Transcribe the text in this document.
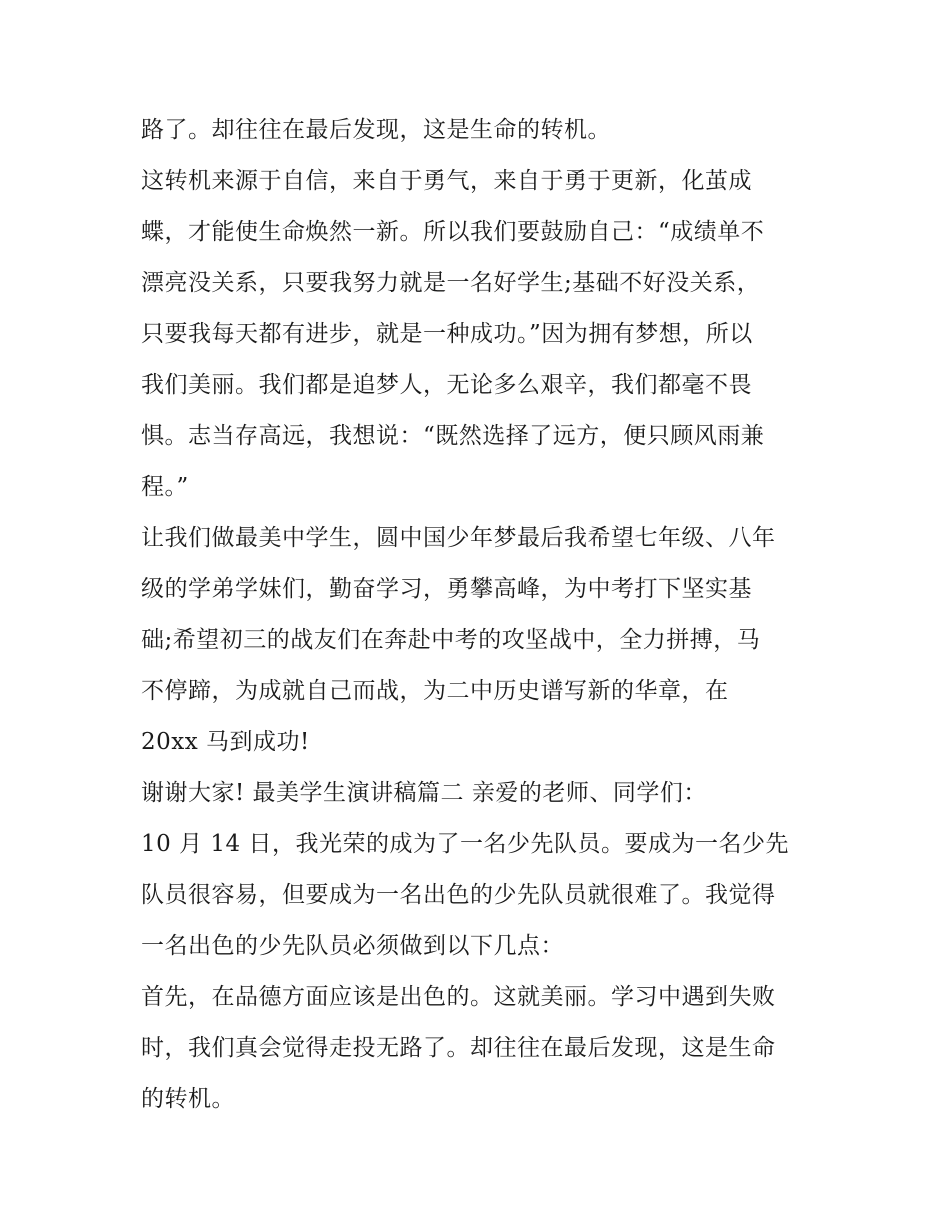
路了。却往往在最后发现，这是生命的转机。
这转机来源于自信，来自于勇气，来自于勇于更新，化茧成
蝶，才能使生命焕然一新。所以我们要鼓励自己：“成绩单不
漂亮没关系，只要我努力就是一名好学生;基础不好没关系，
只要我每天都有进步，就是一种成功。”因为拥有梦想，所以
我们美丽。我们都是追梦人，无论多么艰辛，我们都毫不畏
惧。志当存高远，我想说：“既然选择了远方，便只顾风雨兼
程。”
让我们做最美中学生，圆中国少年梦最后我希望七年级、八年
级的学弟学妹们，勤奋学习，勇攀高峰，为中考打下坚实基
础;希望初三的战友们在奔赴中考的攻坚战中，全力拼搏，马
不停蹄，为成就自己而战，为二中历史谱写新的华章，在
20xx 马到成功!
谢谢大家! 最美学生演讲稿篇二 亲爱的老师、同学们：
10 月 14 日，我光荣的成为了一名少先队员。要成为一名少先
队员很容易，但要成为一名出色的少先队员就很难了。我觉得
一名出色的少先队员必须做到以下几点：
首先，在品德方面应该是出色的。这就美丽。学习中遇到失败
时，我们真会觉得走投无路了。却往往在最后发现，这是生命
的转机。
